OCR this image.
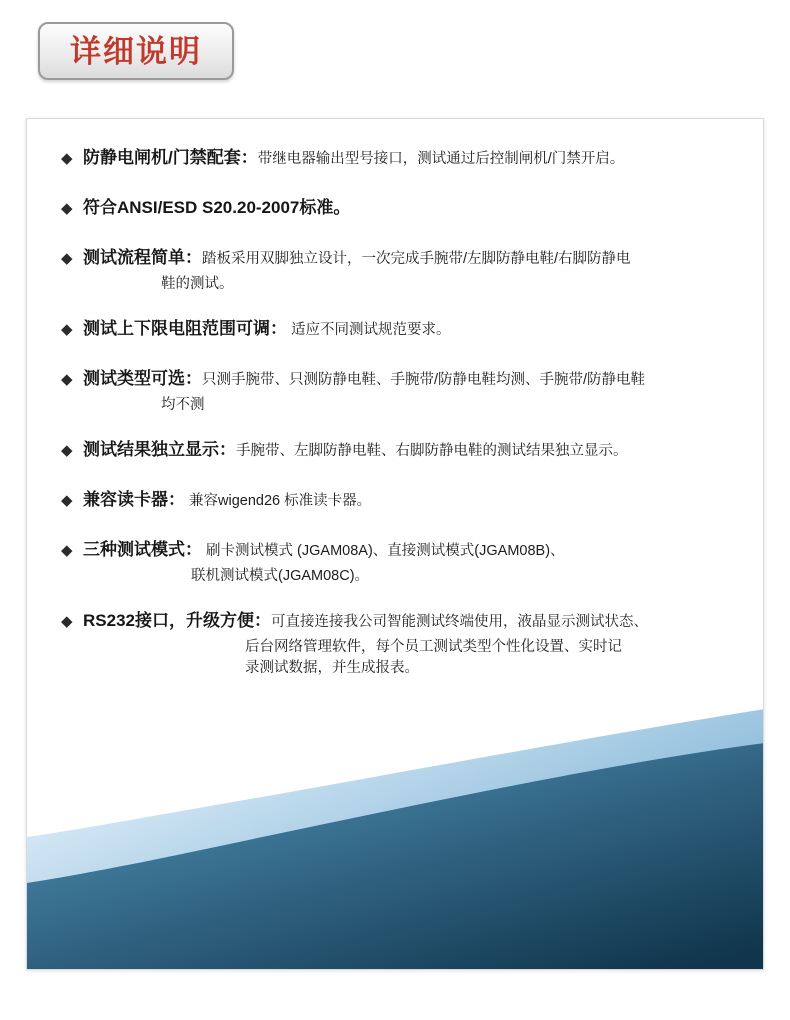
详细说明
◆ 防静电闸机/门禁配套：带继电器输出型号接口，测试通过后控制闸机/门禁开启。
◆ 符合ANSI/ESD S20.20-2007标准。
◆ 测试流程简单：踏板采用双脚独立设计，一次完成手腕带/左脚防静电鞋/右脚防静电
鞋的测试。
◆ 测试上下限电阻范围可调： 适应不同测试规范要求。
◆ 测试类型可选：只测手腕带、只测防静电鞋、手腕带/防静电鞋均测、手腕带/防静电鞋
均不测
◆ 测试结果独立显示：手腕带、左脚防静电鞋、右脚防静电鞋的测试结果独立显示。
◆ 兼容读卡器： 兼容wigend26 标准读卡器。
◆ 三种测试模式： 刷卡测试模式 (JGAM08A)、直接测试模式(JGAM08B)、
联机测试模式(JGAM08C)。
◆ RS232接口，升级方便：可直接连接我公司智能测试终端使用，液晶显示测试状态、
后台网络管理软件，每个员工测试类型个性化设置、实时记
录测试数据，并生成报表。
